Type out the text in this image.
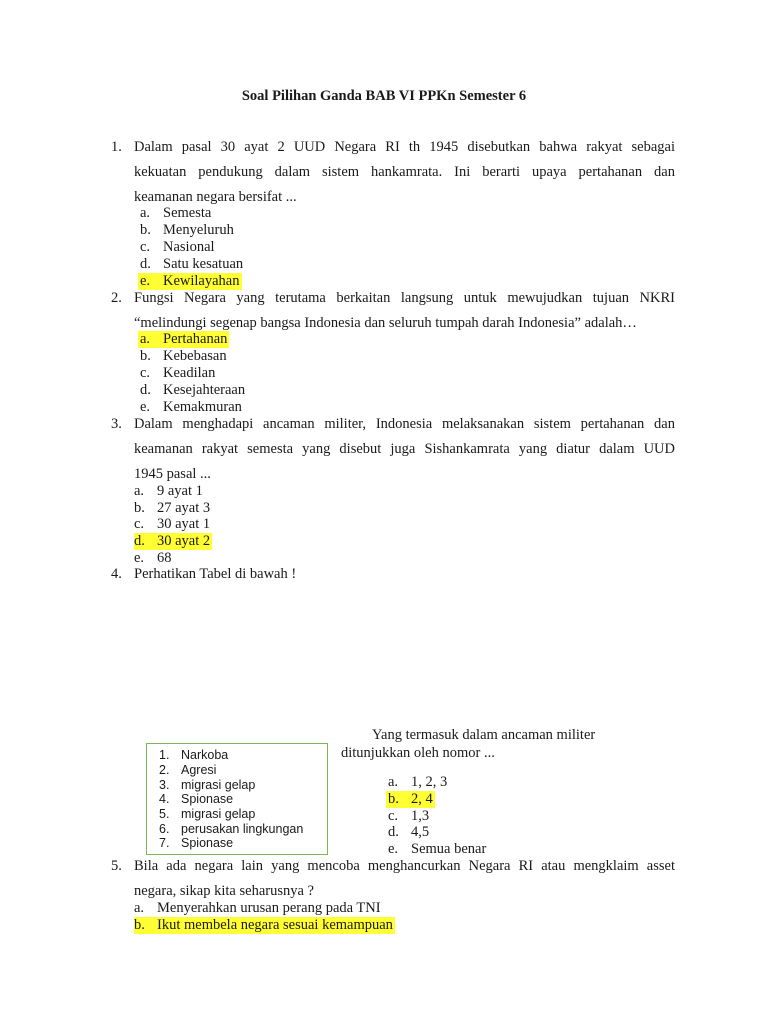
Soal Pilihan Ganda BAB VI PPKn Semester 6
1. Dalam pasal 30 ayat 2 UUD Negara RI th 1945 disebutkan bahwa rakyat sebagai
kekuatan pendukung dalam sistem hankamrata. Ini berarti upaya pertahanan dan
keamanan negara bersifat ...
a. Semesta
b. Menyeluruh
c. Nasional
d. Satu kesatuan
e. Kewilayahan
2. Fungsi Negara yang terutama berkaitan langsung untuk mewujudkan tujuan NKRI
“melindungi segenap bangsa Indonesia dan seluruh tumpah darah Indonesia” adalah…
a. Pertahanan
b. Kebebasan
c. Keadilan
d. Kesejahteraan
e. Kemakmuran
3. Dalam menghadapi ancaman militer, Indonesia melaksanakan sistem pertahanan dan
keamanan rakyat semesta yang disebut juga Sishankamrata yang diatur dalam UUD
1945 pasal ...
a. 9 ayat 1
b. 27 ayat 3
c. 30 ayat 1
d. 30 ayat 2
e. 68
4. Perhatikan Tabel di bawah !
1. Narkoba
2. Agresi
3. migrasi gelap
4. Spionase
5. migrasi gelap
6. perusakan lingkungan
7. Spionase
Yang termasuk dalam ancaman militer
ditunjukkan oleh nomor ...
a. 1, 2, 3
b. 2, 4
c. 1,3
d. 4,5
e. Semua benar
5. Bila ada negara lain yang mencoba menghancurkan Negara RI atau mengklaim asset
negara, sikap kita seharusnya ?
a. Menyerahkan urusan perang pada TNI
b. Ikut membela negara sesuai kemampuan
